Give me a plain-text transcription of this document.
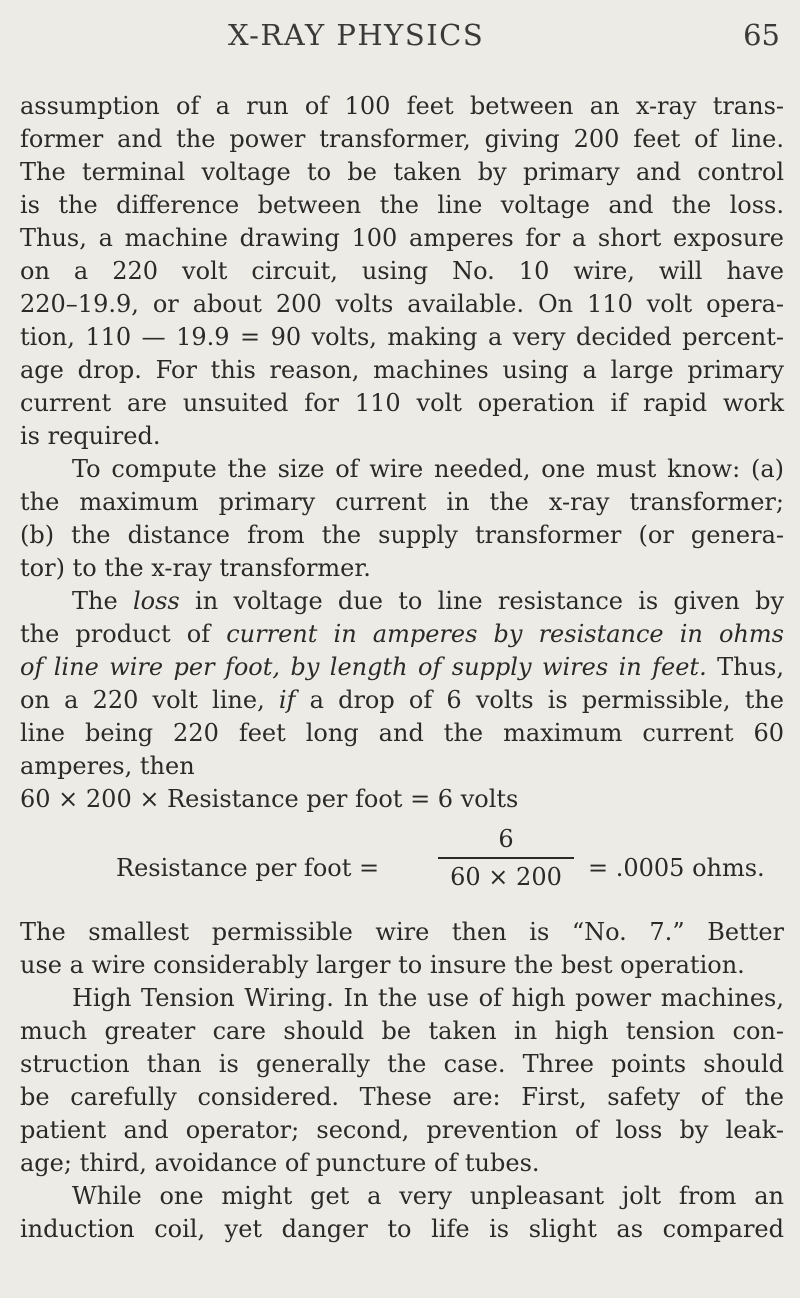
X-RAY PHYSICS	65

assumption of a run of 100 feet between an x-ray trans-
former and the power transformer, giving 200 feet of line.
The terminal voltage to be taken by primary and control
is the difference between the line voltage and the loss.
Thus, a machine drawing 100 amperes for a short exposure
on a 220 volt circuit, using No. 10 wire, will have
220–19.9, or about 200 volts available. On 110 volt opera-
tion, 110 — 19.9 = 90 volts, making a very decided percent-
age drop. For this reason, machines using a large primary
current are unsuited for 110 volt operation if rapid work
is required.

To compute the size of wire needed, one must know: (a)
the maximum primary current in the x-ray transformer;
(b) the distance from the supply transformer (or genera-
tor) to the x-ray transformer.

The loss in voltage due to line resistance is given by
the product of current in amperes by resistance in ohms
of line wire per foot, by length of supply wires in feet. Thus,
on a 220 volt line, if a drop of 6 volts is permissible, the
line being 220 feet long and the maximum current 60
amperes, then
60 × 200 × Resistance per foot = 6 volts

Resistance per foot =
6
60 × 200	= .0005 ohms.

The smallest permissible wire then is “No. 7.” Better
use a wire considerably larger to insure the best operation.

High Tension Wiring. In the use of high power machines,
much greater care should be taken in high tension con-
struction than is generally the case. Three points should
be carefully considered. These are: First, safety of the
patient and operator; second, prevention of loss by leak-
age; third, avoidance of puncture of tubes.

While one might get a very unpleasant jolt from an
induction coil, yet danger to life is slight as compared
